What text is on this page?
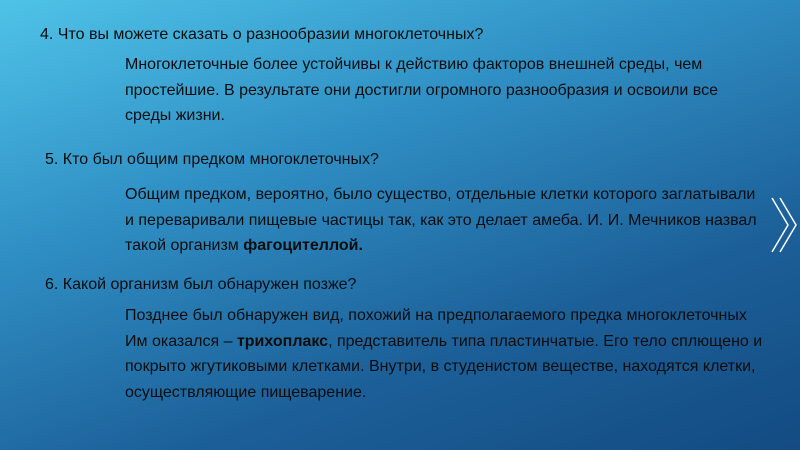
4. Что вы можете сказать о разнообразии многоклеточных?
Многоклеточные более устойчивы к действию факторов внешней среды, чем простейшие. В результате они достигли огромного разнообразия и освоили все среды жизни.
5. Кто был общим предком многоклеточных?
Общим предком, вероятно, было существо, отдельные клетки которого заглатывали и переваривали пищевые частицы так, как это делает амеба. И. И. Мечников назвал такой организм фагоцителлой.
6. Какой организм был обнаружен позже?
Позднее был обнаружен вид, похожий на предполагаемого предка многоклеточных Им оказался – трихоплакс, представитель типа пластинчатые. Его тело сплющено и покрыто жгутиковыми клетками. Внутри, в студенистом веществе, находятся клетки, осуществляющие пищеварение.
